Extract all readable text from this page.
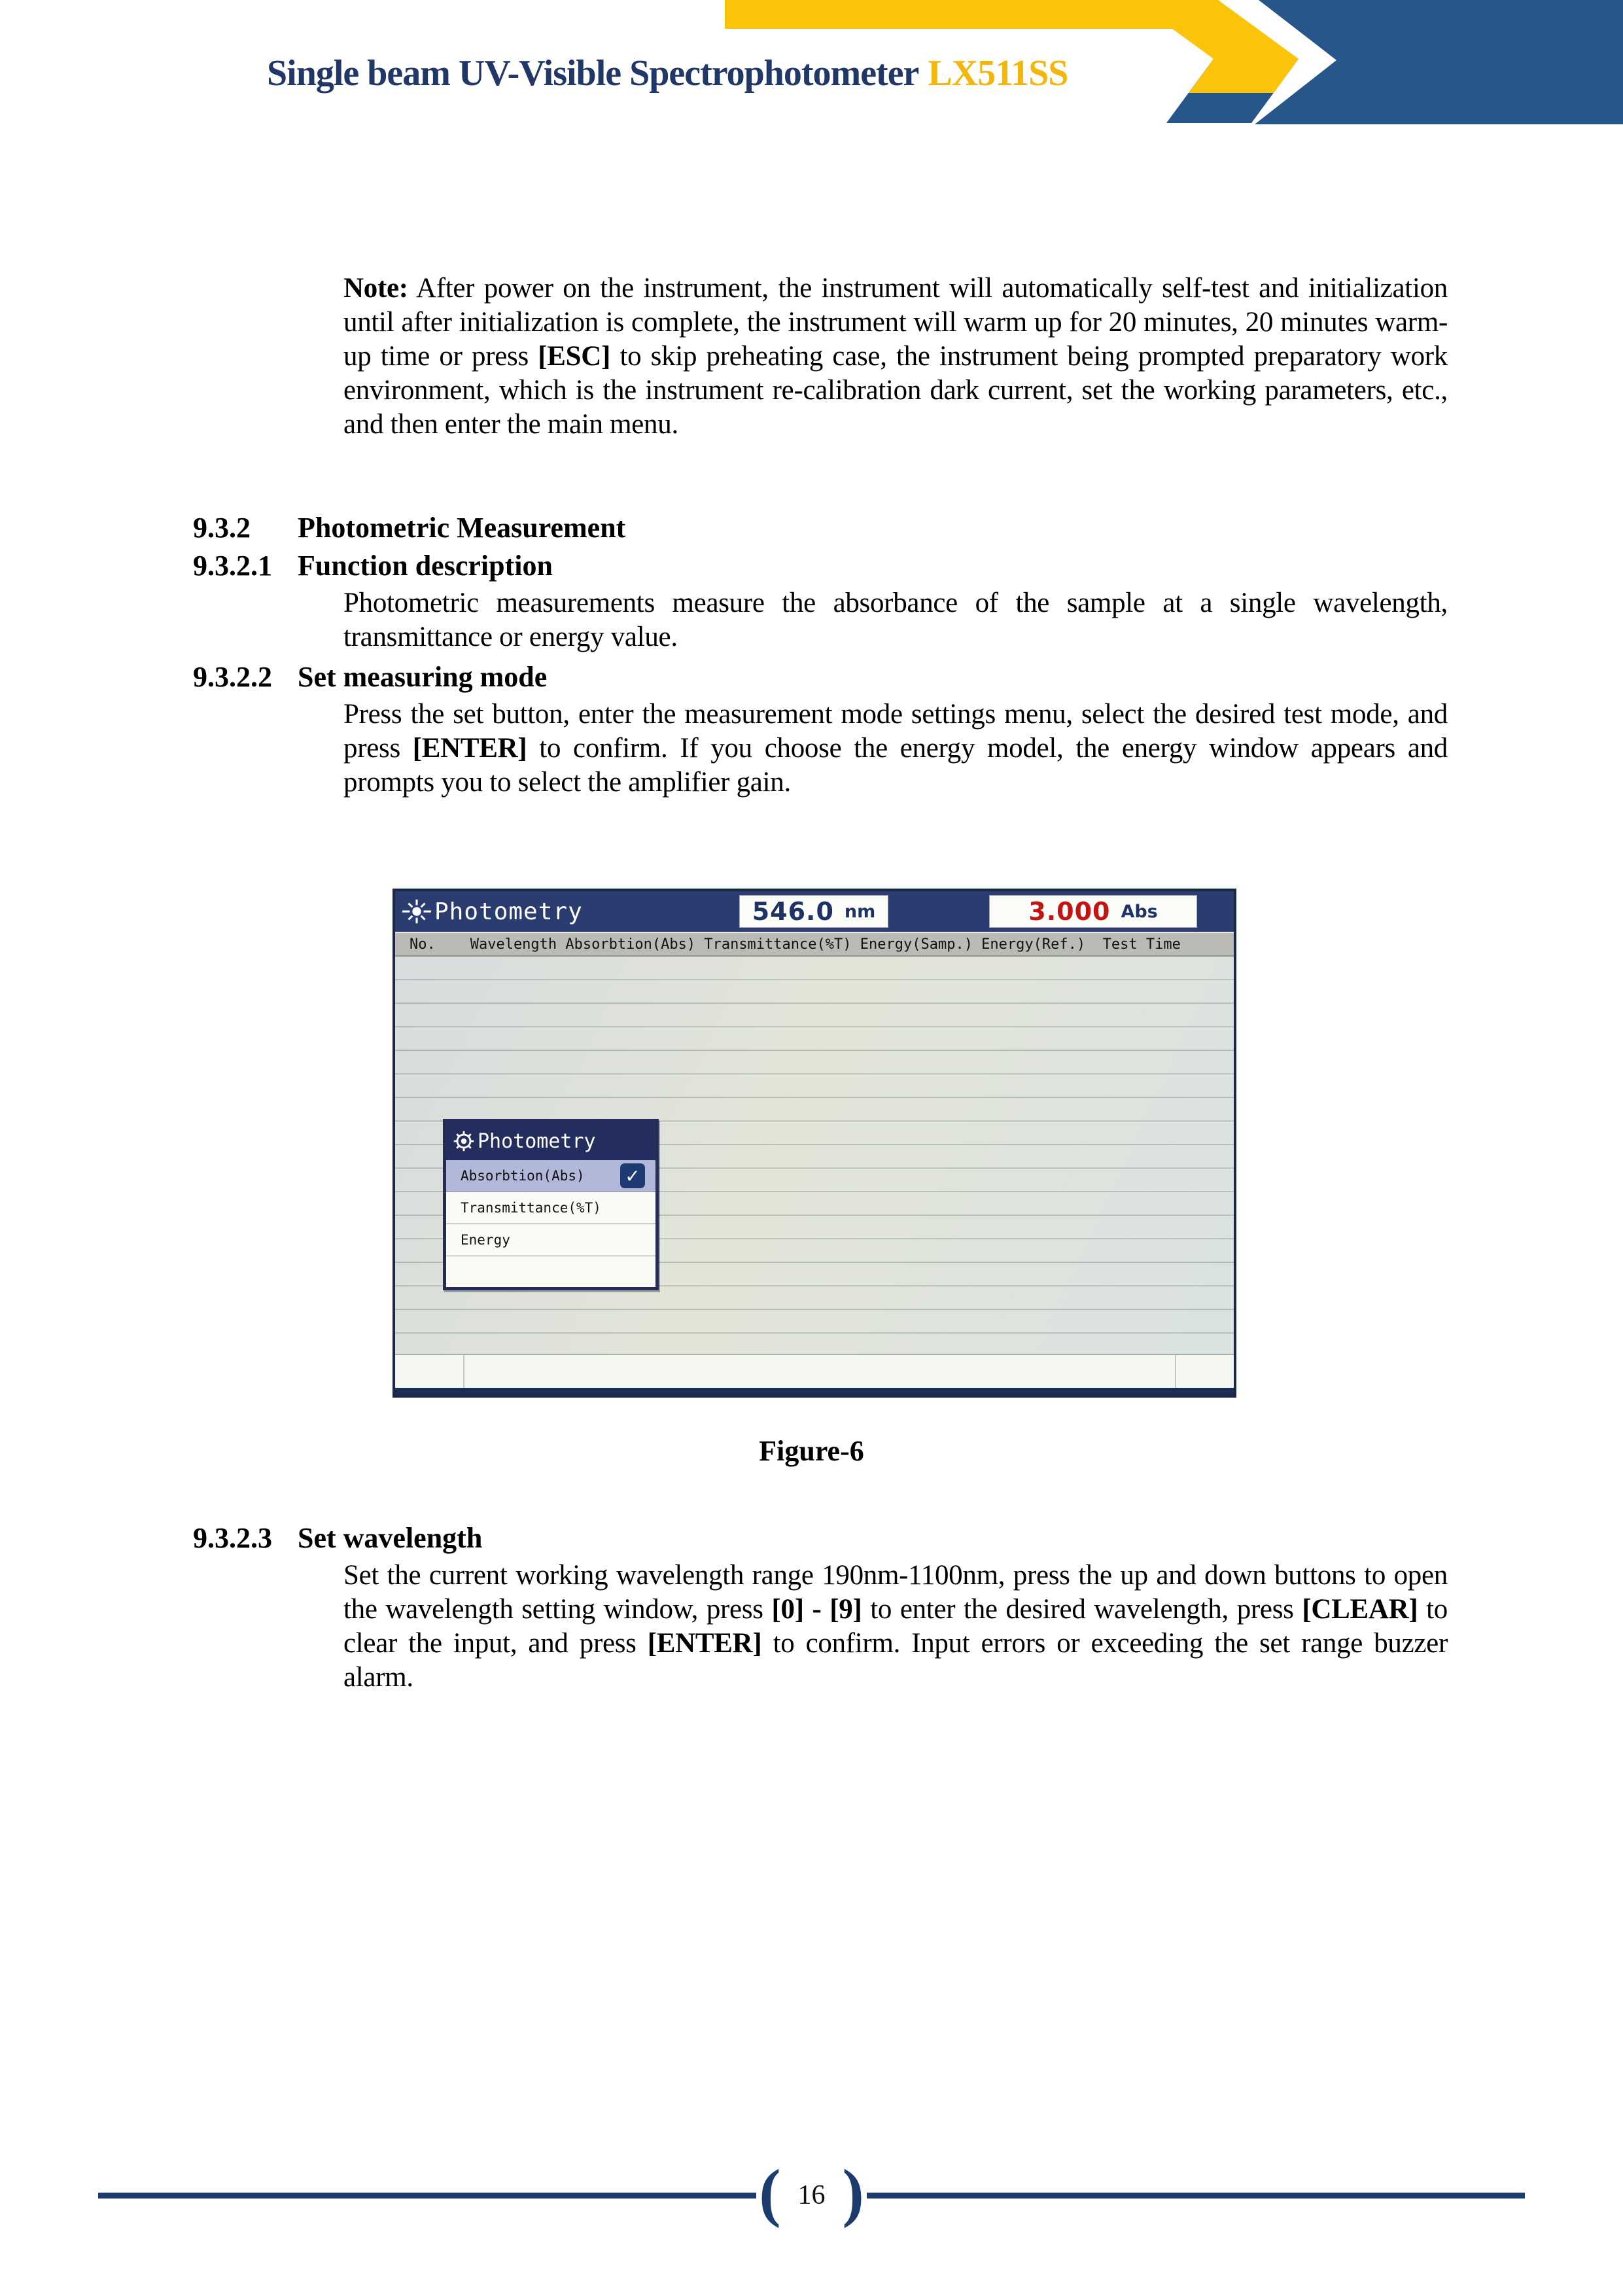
Single beam UV-Visible Spectrophotometer LX511SS
Note: After power on the instrument, the instrument will automatically self-test and initialization until after initialization is complete, the instrument will warm up for 20 minutes, 20 minutes warm- up time or press [ESC] to skip preheating case, the instrument being prompted preparatory work environment, which is the instrument re-calibration dark current, set the working parameters, etc., and then enter the main menu.
9.3.2	Photometric Measurement
9.3.2.1 Function description
Photometric measurements measure the absorbance of the sample at a single wavelength, transmittance or energy value.
9.3.2.2 Set measuring mode
Press the set button, enter the measurement mode settings menu, select the desired test mode, and press [ENTER] to confirm. If you choose the energy model, the energy window appears and prompts you to select the amplifier gain.
Photometry	546.0 nm	3.000 Abs
No.    Wavelength Absorbtion(Abs) Transmittance(%T) Energy(Samp.) Energy(Ref.)  Test Time
Photometry
Absorbtion(Abs) ✓
Transmittance(%T)
Energy
Figure-6
9.3.2.3 Set wavelength
Set the current working wavelength range 190nm-1100nm, press the up and down buttons to open the wavelength setting window, press [0] - [9] to enter the desired wavelength, press [CLEAR] to clear the input, and press [ENTER] to confirm. Input errors or exceeding the set range buzzer alarm.
( 16 )
